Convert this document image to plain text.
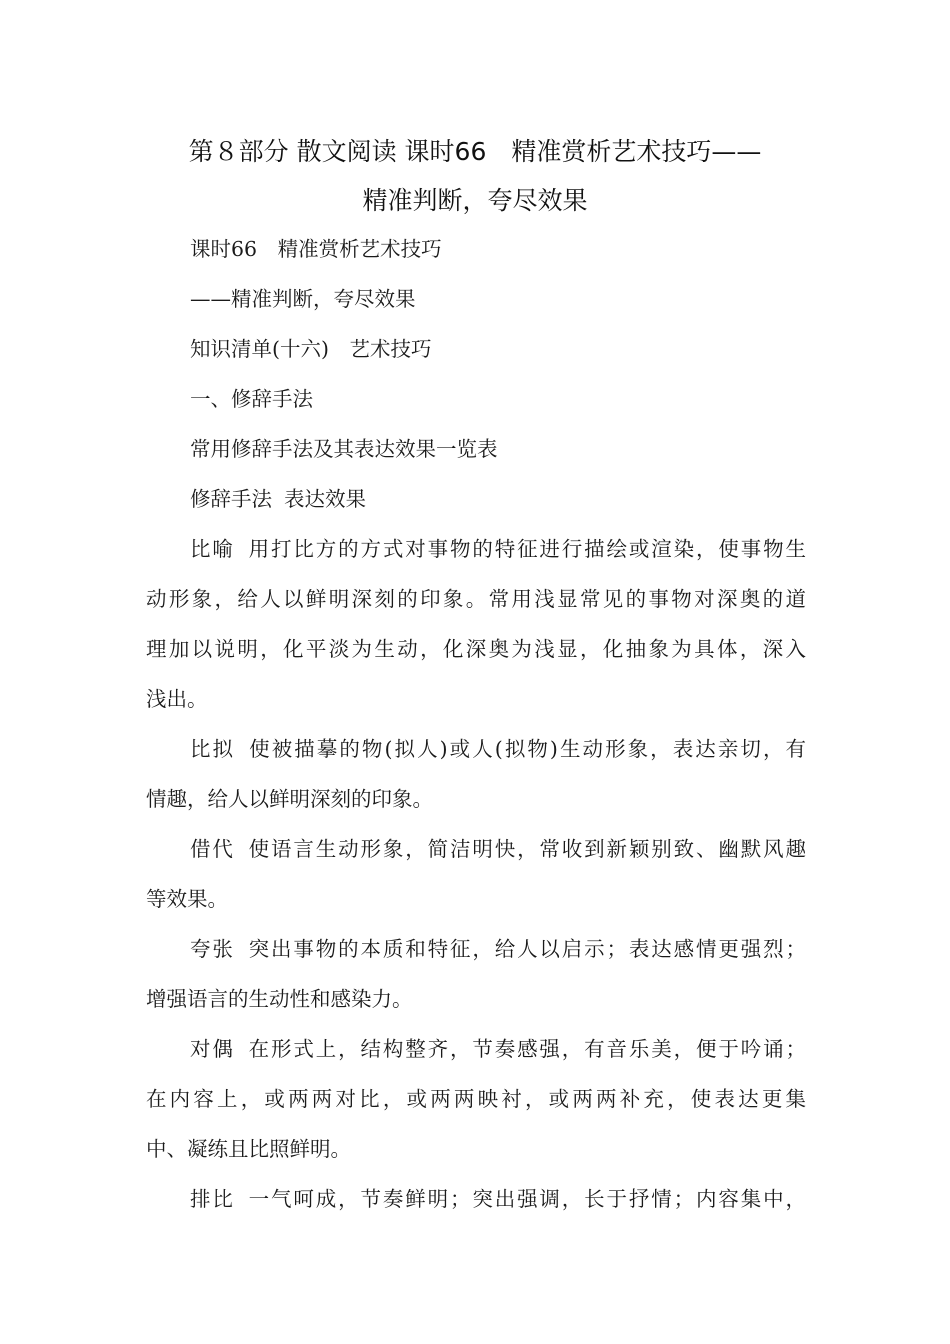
第８部分 散文阅读 课时66　精准赏析艺术技巧——
精准判断，夸尽效果
课时66　精准赏析艺术技巧
——精准判断，夸尽效果
知识清单(十六)　艺术技巧
一、修辞手法
常用修辞手法及其表达效果一览表
修辞手法 表达效果
比喻 用打比方的方式对事物的特征进行描绘或渲染，使事物生
动形象，给人以鲜明深刻的印象。常用浅显常见的事物对深奥的道
理加以说明，化平淡为生动，化深奥为浅显，化抽象为具体，深入
浅出。
比拟 使被描摹的物(拟人)或人(拟物)生动形象，表达亲切，有
情趣，给人以鲜明深刻的印象。
借代 使语言生动形象，简洁明快，常收到新颖别致、幽默风趣
等效果。
夸张 突出事物的本质和特征，给人以启示；表达感情更强烈；
增强语言的生动性和感染力。
对偶 在形式上，结构整齐，节奏感强，有音乐美，便于吟诵；
在内容上，或两两对比，或两两映衬，或两两补充，使表达更集
中、凝练且比照鲜明。
排比 一气呵成，节奏鲜明；突出强调，长于抒情；内容集中，
